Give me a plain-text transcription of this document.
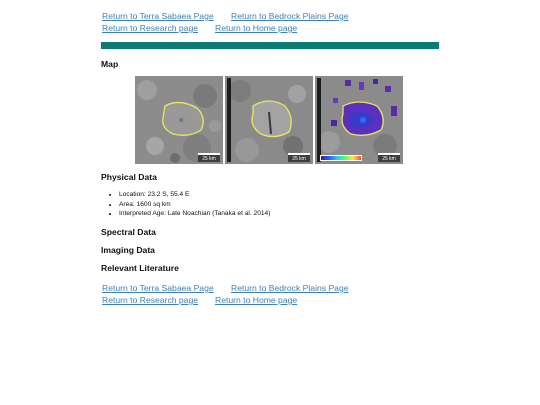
Return to Terra Sabaea Page Return to Bedrock Plains Page
Return to Research page Return to Home page
Map
25 km	25 km	25 km
Physical Data
• Location: 23.2 S, 55.4 E
• Area: 1600 sq km
• Interpreted Age: Late Noachian (Tanaka et al. 2014)
Spectral Data
Imaging Data
Relevant Literature
Return to Terra Sabaea Page Return to Bedrock Plains Page
Return to Research page Return to Home page
